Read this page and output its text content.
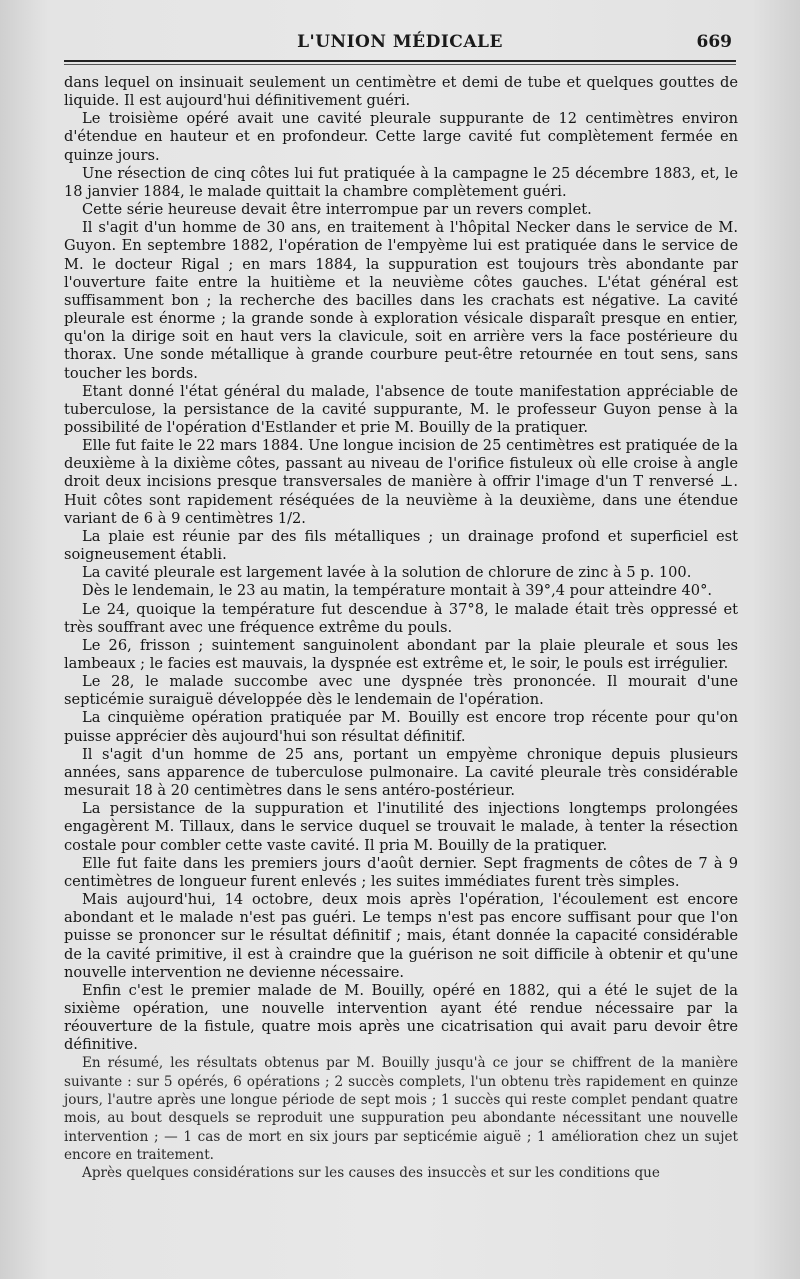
L'UNION MÉDICALE	669

dans lequel on insinuait seulement un centimètre et demi de tube et quelques gouttes de liquide. Il est aujourd'hui définitivement guéri.

Le troisième opéré avait une cavité pleurale suppurante de 12 centimètres environ d'étendue en hauteur et en profondeur. Cette large cavité fut complètement fermée en quinze jours.

Une résection de cinq côtes lui fut pratiquée à la campagne le 25 décembre 1883, et, le 18 janvier 1884, le malade quittait la chambre complètement guéri.

Cette série heureuse devait être interrompue par un revers complet.

Il s'agit d'un homme de 30 ans, en traitement à l'hôpital Necker dans le service de M. Guyon. En septembre 1882, l'opération de l'empyème lui est pratiquée dans le service de M. le docteur Rigal ; en mars 1884, la suppuration est toujours très abondante par l'ouverture faite entre la huitième et la neuvième côtes gauches. L'état général est suffisamment bon ; la recherche des bacilles dans les crachats est négative. La cavité pleurale est énorme ; la grande sonde à exploration vésicale disparaît presque en entier, qu'on la dirige soit en haut vers la clavicule, soit en arrière vers la face postérieure du thorax. Une sonde métallique à grande courbure peut-être retournée en tout sens, sans toucher les bords.

Etant donné l'état général du malade, l'absence de toute manifestation appréciable de tuberculose, la persistance de la cavité suppurante, M. le professeur Guyon pense à la possibilité de l'opération d'Estlander et prie M. Bouilly de la pratiquer.

Elle fut faite le 22 mars 1884. Une longue incision de 25 centimètres est pratiquée de la deuxième à la dixième côtes, passant au niveau de l'orifice fistuleux où elle croise à angle droit deux incisions presque transversales de manière à offrir l'image d'un T renversé ⊥. Huit côtes sont rapidement réséquées de la neuvième à la deuxième, dans une étendue variant de 6 à 9 centimètres 1/2.

La plaie est réunie par des fils métalliques ; un drainage profond et superficiel est soigneusement établi.

La cavité pleurale est largement lavée à la solution de chlorure de zinc à 5 p. 100.

Dès le lendemain, le 23 au matin, la température montait à 39°,4 pour atteindre 40°.

Le 24, quoique la température fut descendue à 37°8, le malade était très oppressé et très souffrant avec une fréquence extrême du pouls.

Le 26, frisson ; suintement sanguinolent abondant par la plaie pleurale et sous les lambeaux ; le facies est mauvais, la dyspnée est extrême et, le soir, le pouls est irrégulier.

Le 28, le malade succombe avec une dyspnée très prononcée. Il mourait d'une septicémie suraiguë développée dès le lendemain de l'opération.

La cinquième opération pratiquée par M. Bouilly est encore trop récente pour qu'on puisse apprécier dès aujourd'hui son résultat définitif.

Il s'agit d'un homme de 25 ans, portant un empyème chronique depuis plusieurs années, sans apparence de tuberculose pulmonaire. La cavité pleurale très considérable mesurait 18 à 20 centimètres dans le sens antéro-postérieur.

La persistance de la suppuration et l'inutilité des injections longtemps prolongées engagèrent M. Tillaux, dans le service duquel se trouvait le malade, à tenter la résection costale pour combler cette vaste cavité. Il pria M. Bouilly de la pratiquer.

Elle fut faite dans les premiers jours d'août dernier. Sept fragments de côtes de 7 à 9 centimètres de longueur furent enlevés ; les suites immédiates furent très simples.

Mais aujourd'hui, 14 octobre, deux mois après l'opération, l'écoulement est encore abondant et le malade n'est pas guéri. Le temps n'est pas encore suffisant pour que l'on puisse se prononcer sur le résultat définitif ; mais, étant donnée la capacité considérable de la cavité primitive, il est à craindre que la guérison ne soit difficile à obtenir et qu'une nouvelle intervention ne devienne nécessaire.

Enfin c'est le premier malade de M. Bouilly, opéré en 1882, qui a été le sujet de la sixième opération, une nouvelle intervention ayant été rendue nécessaire par la réouverture de la fistule, quatre mois après une cicatrisation qui avait paru devoir être définitive.

En résumé, les résultats obtenus par M. Bouilly jusqu'à ce jour se chiffrent de la manière suivante : sur 5 opérés, 6 opérations ; 2 succès complets, l'un obtenu très rapidement en quinze jours, l'autre après une longue période de sept mois ; 1 succès qui reste complet pendant quatre mois, au bout desquels se reproduit une suppuration peu abondante nécessitant une nouvelle intervention ; — 1 cas de mort en six jours par septicémie aiguë ; 1 amélioration chez un sujet encore en traitement.

Après quelques considérations sur les causes des insuccès et sur les conditions que
